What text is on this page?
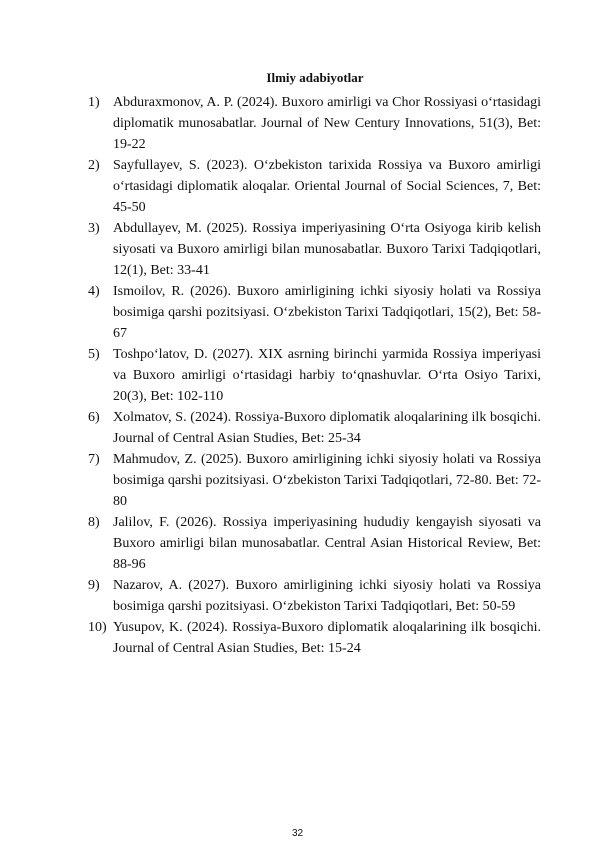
Ilmiy adabiyotlar
1) Abduraxmonov, A. P. (2024). Buxoro amirligi va Chor Rossiyasi o‘rtasidagi diplomatik munosabatlar. Journal of New Century Innovations, 51(3), Bet: 19-22
2) Sayfullayev, S. (2023). O‘zbekiston tarixida Rossiya va Buxoro amirligi o‘rtasidagi diplomatik aloqalar. Oriental Journal of Social Sciences, 7, Bet: 45-50
3) Abdullayev, M. (2025). Rossiya imperiyasining O‘rta Osiyoga kirib kelish siyosati va Buxoro amirligi bilan munosabatlar. Buxoro Tarixi Tadqiqotlari, 12(1), Bet: 33-41
4) Ismoilov, R. (2026). Buxoro amirligining ichki siyosiy holati va Rossiya bosimiga qarshi pozitsiyasi. O‘zbekiston Tarixi Tadqiqotlari, 15(2), Bet: 58-67
5) Toshpo‘latov, D. (2027). XIX asrning birinchi yarmida Rossiya imperiyasi va Buxoro amirligi o‘rtasidagi harbiy to‘qnashuvlar. O‘rta Osiyo Tarixi, 20(3), Bet: 102-110
6) Xolmatov, S. (2024). Rossiya-Buxoro diplomatik aloqalarining ilk bosqichi. Journal of Central Asian Studies, Bet: 25-34
7) Mahmudov, Z. (2025). Buxoro amirligining ichki siyosiy holati va Rossiya bosimiga qarshi pozitsiyasi. O‘zbekiston Tarixi Tadqiqotlari, 72-80. Bet: 72-80
8) Jalilov, F. (2026). Rossiya imperiyasining hududiy kengayish siyosati va Buxoro amirligi bilan munosabatlar. Central Asian Historical Review, Bet: 88-96
9) Nazarov, A. (2027). Buxoro amirligining ichki siyosiy holati va Rossiya bosimiga qarshi pozitsiyasi. O‘zbekiston Tarixi Tadqiqotlari, Bet: 50-59
10) Yusupov, K. (2024). Rossiya-Buxoro diplomatik aloqalarining ilk bosqichi. Journal of Central Asian Studies, Bet: 15-24
32
